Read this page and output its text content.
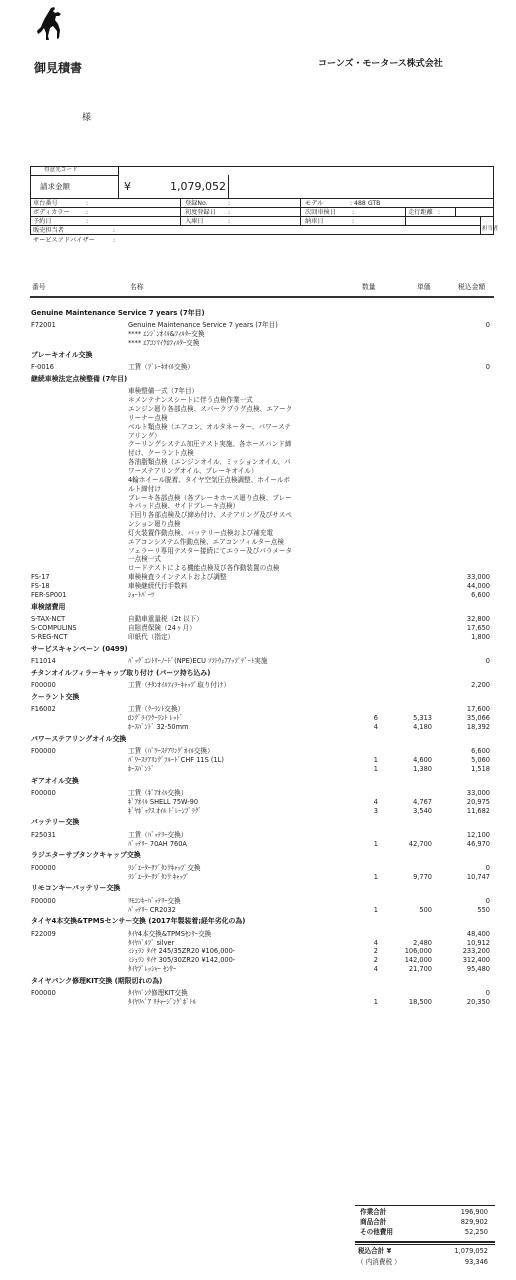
御見積書	コーンズ・モータース株式会社
様
得意先コード
請求金額	¥	1,079,052
車台番号	:
ボディカラー	:
予約日	:
登録No.	:
初度登録日 :
入庫日	:
モデル	: 488 GTB
次回車検日	:
納車日	:
走行距離 :
販売担当者
サービスアドバイザー
:
:
担当者
番号	名称	数量	単価	税込金額
Genuine Maintenance Service 7 years (7年目)
F72001	Genuine Maintenance Service 7 years (7年目)	0
**** ｴﾝｼﾞﾝｵｲﾙ&ﾌｨﾙﾀｰ交換
**** ｴｱｺﾝﾏｲｸﾛﾌｨﾙﾀｰ交換
ブレーキオイル交換
F-0016	工賃（ﾌﾞﾚｰｷｵｲﾙ交換）	0
継続車検法定点検整備 (7年目)
車検整備一式（7年目）
＊メンテナンスシートに伴う点検作業一式
エンジン廻り各部点検、スパークプラグ点検、エアーク
リーナー点検
ベルト類点検（エアコン、オルタネーター、パワーステ
アリング）
クーリングシステム加圧テスト実施、各ホースバンド締
付け、クーラント点検
各油脂類点検（エンジンオイル、ミッションオイル、パ
ワーステアリングオイル、ブレーキオイル）
4輪ホイール脱着、タイヤ空気圧点検調整、ホイールボ
ルト締付け
ブレーキ各部点検（各ブレーキホース廻り点検、ブレー
キパッド点検、サイドブレーキ点検）
下回り各部点検及び締め付け、ステアリング及びサスペ
ンション廻り点検
灯火装置作動点検、バッテリー点検および補充電
エアコンシステム作動点検、エアコンフィルター点検
フェラーリ専用テスター接続にてエラー及びパラメータ
一点検一式
ロードテストによる機能点検及び各作動装置の点検
FS-17	車検検査ラインテストおよび調整	33,000
FS-18	車検継続代行手数料	44,000
FER-SP001	ｼｮｰﾄﾊﾟｰﾂ	6,600
車検諸費用
S-TAX-NCT	自動車重量税（2t 以下）	32,800
S-COMPULINS	自賠責保険（24ヶ月）	17,650
S-REG-NCT	印紙代（指定）	1,800
サービスキャンペーン (0499)
F11014	ﾊﾞｯｸﾞｴﾝﾄﾘｰﾉｰﾄﾞ(NPE)ECU ｿﾌﾄｳｪｱｱｯﾌﾟﾃﾞｰﾄ実施	0
チタンオイルフィラーキャップ取り付け (パーツ持ち込み)
F00000	工賃（ﾁﾀﾝｵｲﾙﾌｨﾗｰｷｬｯﾌﾟ取り付け）	2,200
クーラント交換
F16002	工賃（ｸｰﾗﾝﾄ交換）	17,600
ﾛﾝｸﾞﾗｲﾌｸｰﾗﾝﾄ ﾚｯﾄﾞ	6	5,313	35,066
ﾎｰｽﾊﾞﾝﾄﾞ 32-50mm	4	4,180	18,392
パワーステアリングオイル交換
F00000	工賃（ﾊﾟﾜｰｽﾃｱﾘﾝｸﾞｵｲﾙ交換）	6,600
ﾊﾟﾜｰｽﾃｱﾘﾝｸﾞﾌﾙｰﾄﾞCHF 11S (1L)	1	4,600	5,060
ﾎｰｽﾊﾞﾝﾄﾞ	1	1,380	1,518
ギアオイル交換
F00000	工賃（ｷﾞｱｵｲﾙ交換）	33,000
ｷﾞｱｵｲﾙ SHELL 75W-90	4	4,767	20,975
ｷﾞﾔﾎﾞｯｸｽ ｵｲﾙ ﾄﾞﾚｰﾝﾌﾟﾗｸﾞ	3	3,540	11,682
バッテリー交換
F25031	工賃（ﾊﾞｯﾃﾘｰ交換）	12,100
ﾊﾞｯﾃﾘｰ 70AH 760A	1	42,700	46,970
ラジエターサブタンクキャップ交換
F00000	ﾗｼﾞｴｰﾀｰｻﾌﾞﾀﾝｸｷｬｯﾌﾟ交換	0
ﾗｼﾞｴｰﾀｰｻﾌﾞﾀﾝｸ ｷｬｯﾌﾟ	1	9,770	10,747
リモコンキーバッテリー交換
F00000	ﾘﾓｺﾝｷｰﾊﾞｯﾃﾘｰ交換	0
ﾊﾞｯﾃﾘｰ CR2032	1	500	550
タイヤ4本交換&TPMSセンサー交換 (2017年製装着;経年劣化の為)
F22009	ﾀｲﾔ4本交換&TPMSｾﾝｻｰ交換	48,400
ﾀｲﾔﾊﾞﾙﾌﾞ silver	4	2,480	10,912
ﾐｼｭﾗﾝ ﾀｲﾔ 245/35ZR20 ¥106,000-	2	106,000	233,200
ﾐｼｭﾗﾝ ﾀｲﾔ 305/30ZR20 ¥142,000-	2	142,000	312,400
ﾀｲﾔﾌﾟﾚｯｼｬｰ ｾﾝｻｰ	4	21,700	95,480
タイヤパンク修理KIT交換 (期限切れの為)
F00000	ﾀｲﾔﾊﾟﾝｸ修理KIT交換	0
ﾀｲﾔﾘﾍﾟｱ ﾘﾁｬｰｼﾞﾝｸﾞﾎﾞﾄﾙ	1	18,500	20,350
作業合計	196,900
商品合計	829,902
その他費用	52,250
税込合計 ¥	1,079,052
（ 内消費税 ）	93,346
